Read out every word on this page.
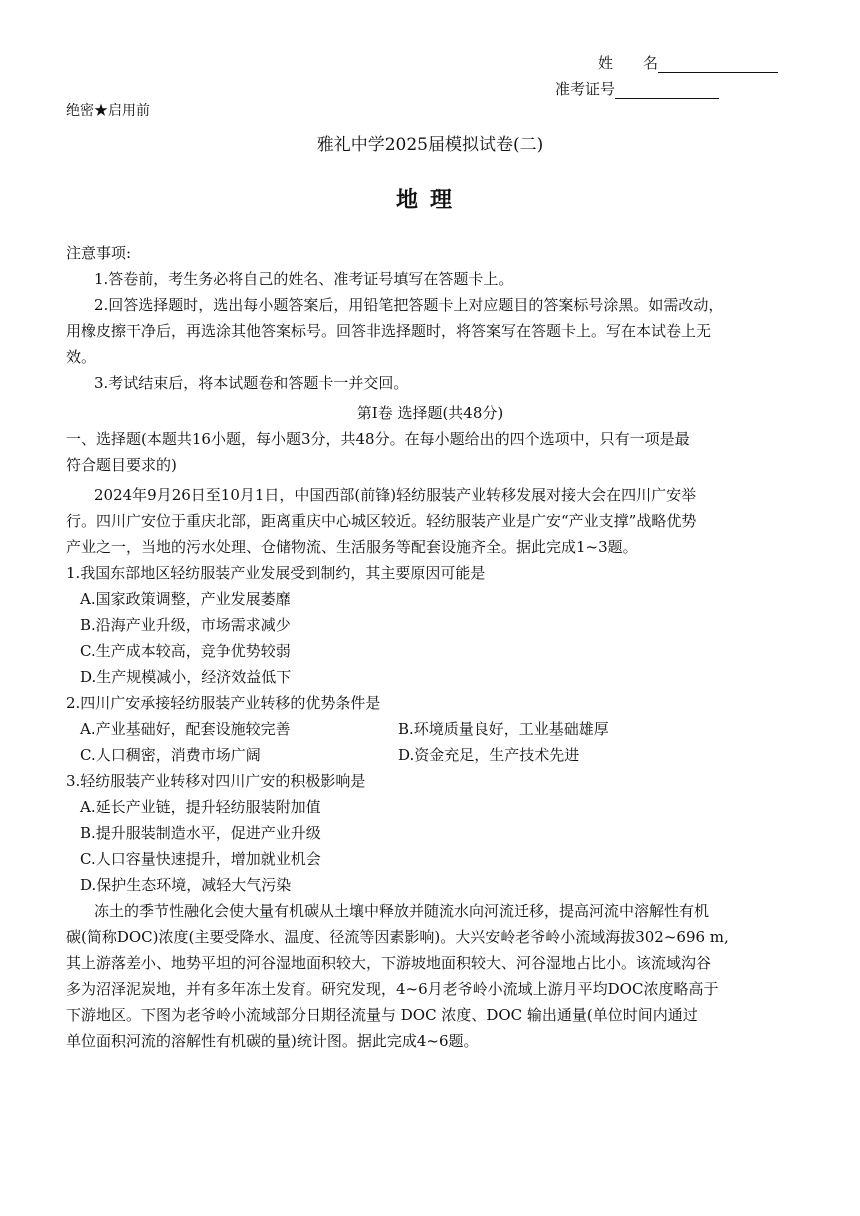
姓　　名
准考证号
绝密★启用前
雅礼中学2025届模拟试卷(二)
地理
注意事项:
1.答卷前，考生务必将自己的姓名、准考证号填写在答题卡上。
2.回答选择题时，选出每小题答案后，用铅笔把答题卡上对应题目的答案标号涂黑。如需改动，
用橡皮擦干净后，再选涂其他答案标号。回答非选择题时，将答案写在答题卡上。写在本试卷上无
效。
3.考试结束后，将本试题卷和答题卡一并交回。
第Ⅰ卷 选择题(共48分)
一、选择题(本题共16小题，每小题3分，共48分。在每小题给出的四个选项中，只有一项是最
符合题目要求的)
2024年9月26日至10月1日，中国西部(前锋)轻纺服装产业转移发展对接大会在四川广安举
行。四川广安位于重庆北部，距离重庆中心城区较近。轻纺服装产业是广安“产业支撑”战略优势
产业之一，当地的污水处理、仓储物流、生活服务等配套设施齐全。据此完成1~3题。
1.我国东部地区轻纺服装产业发展受到制约，其主要原因可能是
A.国家政策调整，产业发展萎靡
B.沿海产业升级，市场需求减少
C.生产成本较高，竞争优势较弱
D.生产规模减小，经济效益低下
2.四川广安承接轻纺服装产业转移的优势条件是
A.产业基础好，配套设施较完善	B.环境质量良好，工业基础雄厚
C.人口稠密，消费市场广阔	D.资金充足，生产技术先进
3.轻纺服装产业转移对四川广安的积极影响是
A.延长产业链，提升轻纺服装附加值
B.提升服装制造水平，促进产业升级
C.人口容量快速提升，增加就业机会
D.保护生态环境，减轻大气污染
冻土的季节性融化会使大量有机碳从土壤中释放并随流水向河流迁移，提高河流中溶解性有机
碳(简称DOC)浓度(主要受降水、温度、径流等因素影响)。大兴安岭老爷岭小流域海拔302~696 m,
其上游落差小、地势平坦的河谷湿地面积较大，下游坡地面积较大、河谷湿地占比小。该流域沟谷
多为沼泽泥炭地，并有多年冻土发育。研究发现，4~6月老爷岭小流域上游月平均DOC浓度略高于
下游地区。下图为老爷岭小流域部分日期径流量与 DOC 浓度、DOC 输出通量(单位时间内通过
单位面积河流的溶解性有机碳的量)统计图。据此完成4~6题。
